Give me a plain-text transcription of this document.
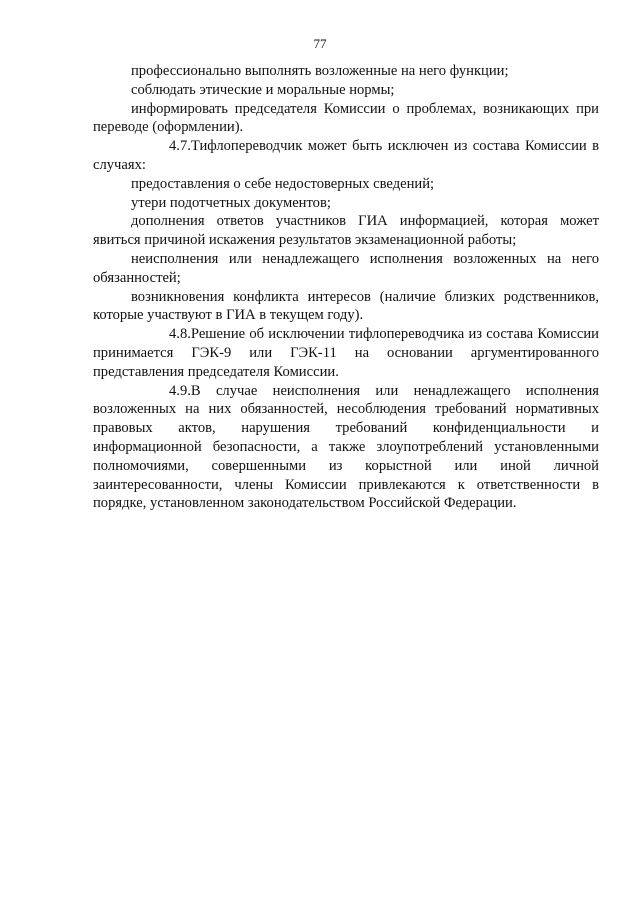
77

профессионально выполнять возложенные на него функции;

соблюдать этические и моральные нормы;

информировать председателя Комиссии о проблемах, возникающих при переводе (оформлении).

4.7.Тифлопереводчик может быть исключен из состава Комиссии в случаях:

предоставления о себе недостоверных сведений;

утери подотчетных документов;

дополнения ответов участников ГИА информацией, которая может явиться причиной искажения результатов экзаменационной работы;

неисполнения или ненадлежащего исполнения возложенных на него обязанностей;

возникновения конфликта интересов (наличие близких родственников, которые участвуют в ГИА в текущем году).

4.8.Решение об исключении тифлопереводчика из состава Комиссии принимается ГЭК-9 или ГЭК-11 на основании аргументированного представления председателя Комиссии.

4.9.В случае неисполнения или ненадлежащего исполнения возложенных на них обязанностей, несоблюдения требований нормативных правовых актов, нарушения требований конфиденциальности и информационной безопасности, а также злоупотреблений установленными полномочиями, совершенными из корыстной или иной личной заинтересованности, члены Комиссии привлекаются к ответственности в порядке, установленном законодательством Российской Федерации.
